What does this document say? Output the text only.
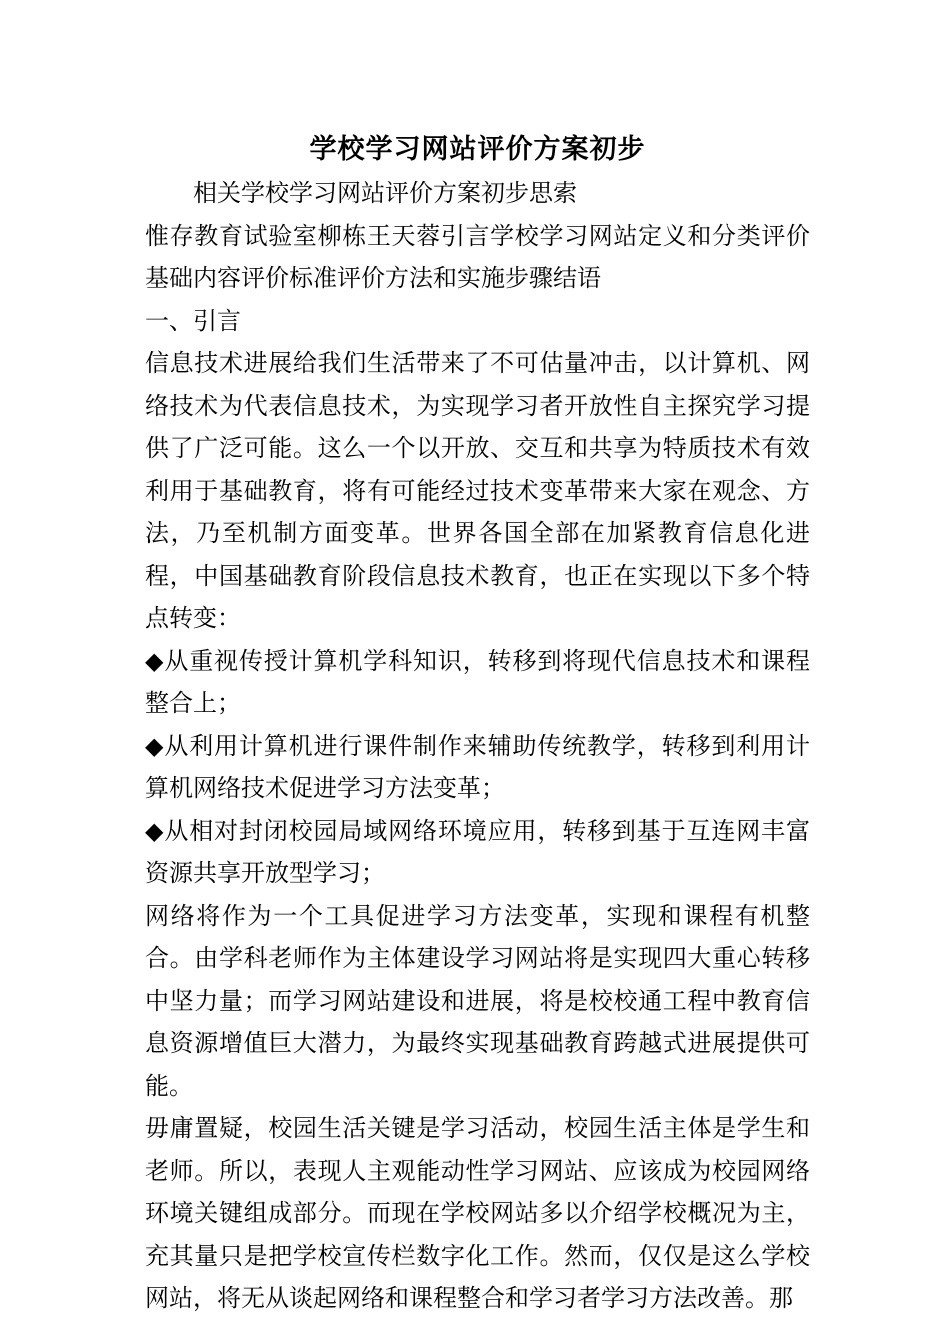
学校学习网站评价方案初步

相关学校学习网站评价方案初步思索

惟存教育试验室柳栋王天蓉引言学校学习网站定义和分类评价基础内容评价标准评价方法和实施步骤结语

一、引言

信息技术进展给我们生活带来了不可估量冲击，以计算机、网络技术为代表信息技术，为实现学习者开放性自主探究学习提供了广泛可能。这么一个以开放、交互和共享为特质技术有效利用于基础教育，将有可能经过技术变革带来大家在观念、方法，乃至机制方面变革。世界各国全部在加紧教育信息化进程，中国基础教育阶段信息技术教育，也正在实现以下多个特点转变：

◆从重视传授计算机学科知识，转移到将现代信息技术和课程整合上；

◆从利用计算机进行课件制作来辅助传统教学，转移到利用计算机网络技术促进学习方法变革；

◆从相对封闭校园局域网络环境应用，转移到基于互连网丰富资源共享开放型学习；

网络将作为一个工具促进学习方法变革，实现和课程有机整合。由学科老师作为主体建设学习网站将是实现四大重心转移中坚力量；而学习网站建设和进展，将是校校通工程中教育信息资源增值巨大潜力，为最终实现基础教育跨越式进展提供可能。

毋庸置疑，校园生活关键是学习活动，校园生活主体是学生和老师。所以，表现人主观能动性学习网站、应该成为校园网络环境关键组成部分。而现在学校网站多以介绍学校概况为主，充其量只是把学校宣传栏数字化工作。然而，仅仅是这么学校网站，将无从谈起网络和课程整合和学习者学习方法改善。那
